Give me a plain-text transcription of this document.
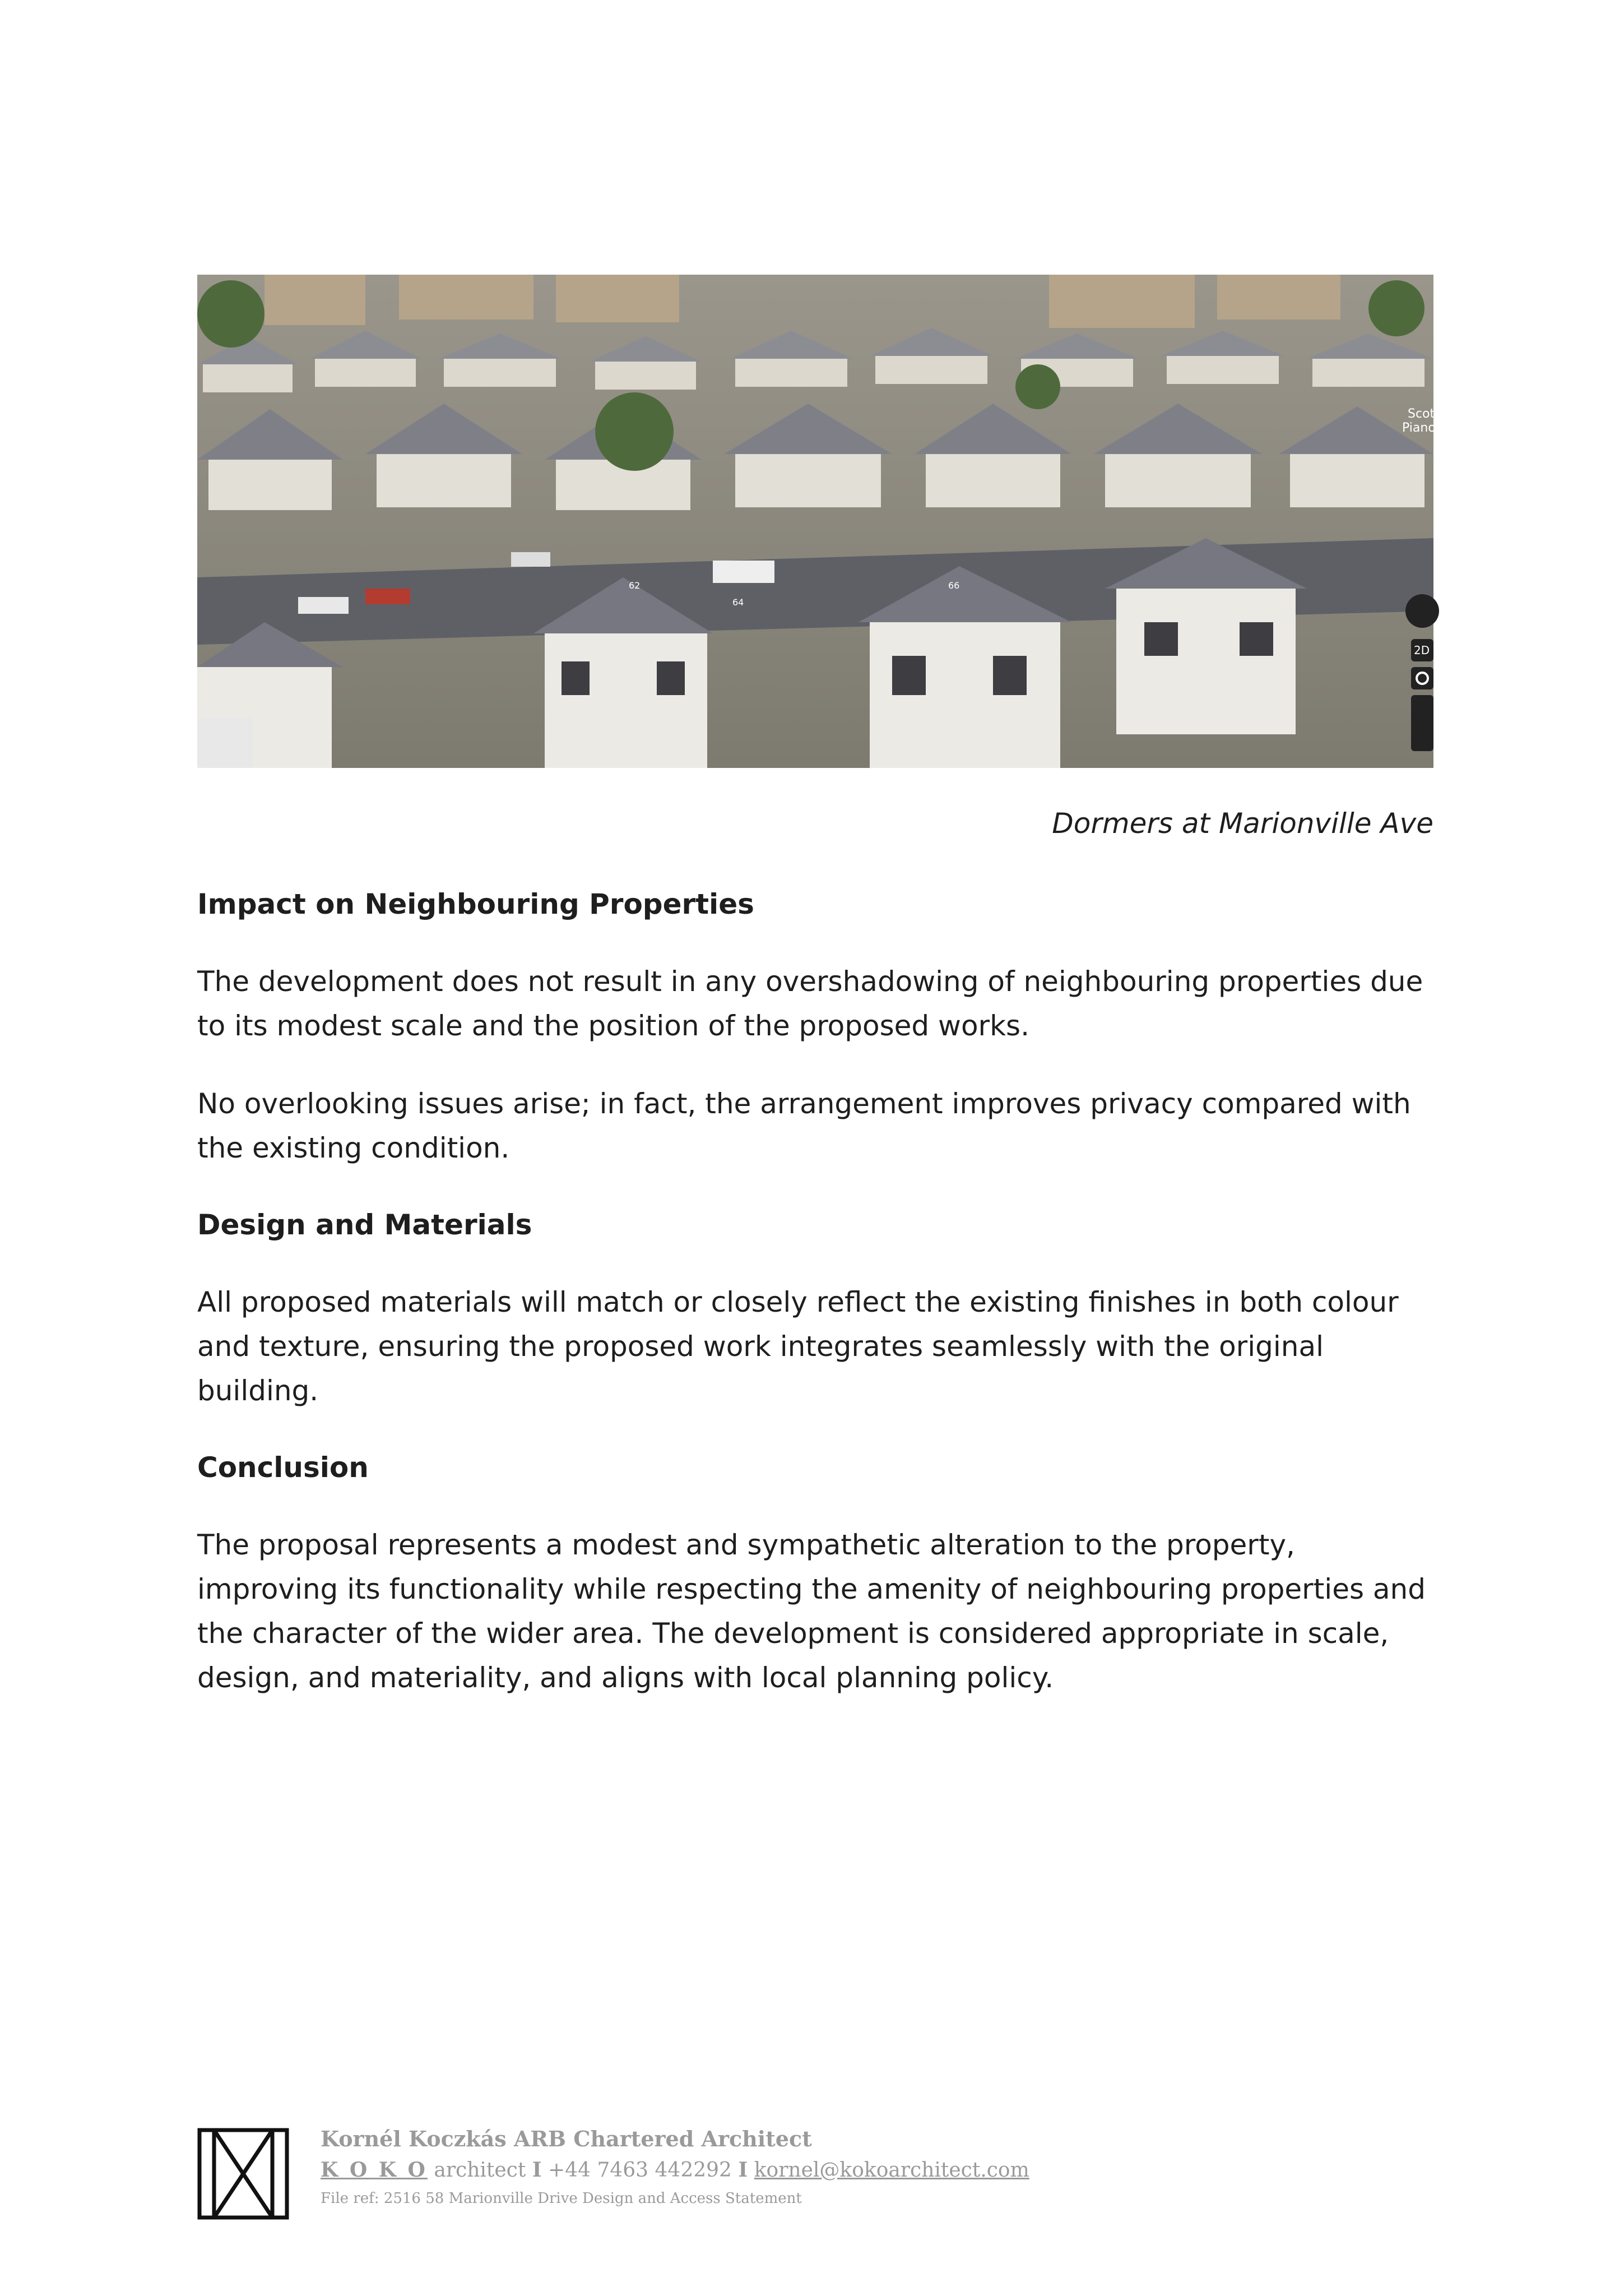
Scott Ba
Piano Tea
2D
62
64
66
Dormers at Marionville Ave
Impact on Neighbouring Properties

The development does not result in any overshadowing of neighbouring properties due to its modest scale and the position of the proposed works.

No overlooking issues arise; in fact, the arrangement improves privacy compared with the existing condition.

Design and Materials

All proposed materials will match or closely reflect the existing finishes in both colour and texture, ensuring the proposed work integrates seamlessly with the original building.

Conclusion

The proposal represents a modest and sympathetic alteration to the property, improving its functionality while respecting the amenity of neighbouring properties and the character of the wider area. The development is considered appropriate in scale, design, and materiality, and aligns with local planning policy.

Kornél Koczkás ARB Chartered Architect
K O K O architect I +44 7463 442292 I kornel@kokoarchitect.com
File ref: 2516 58 Marionville Drive Design and Access Statement
